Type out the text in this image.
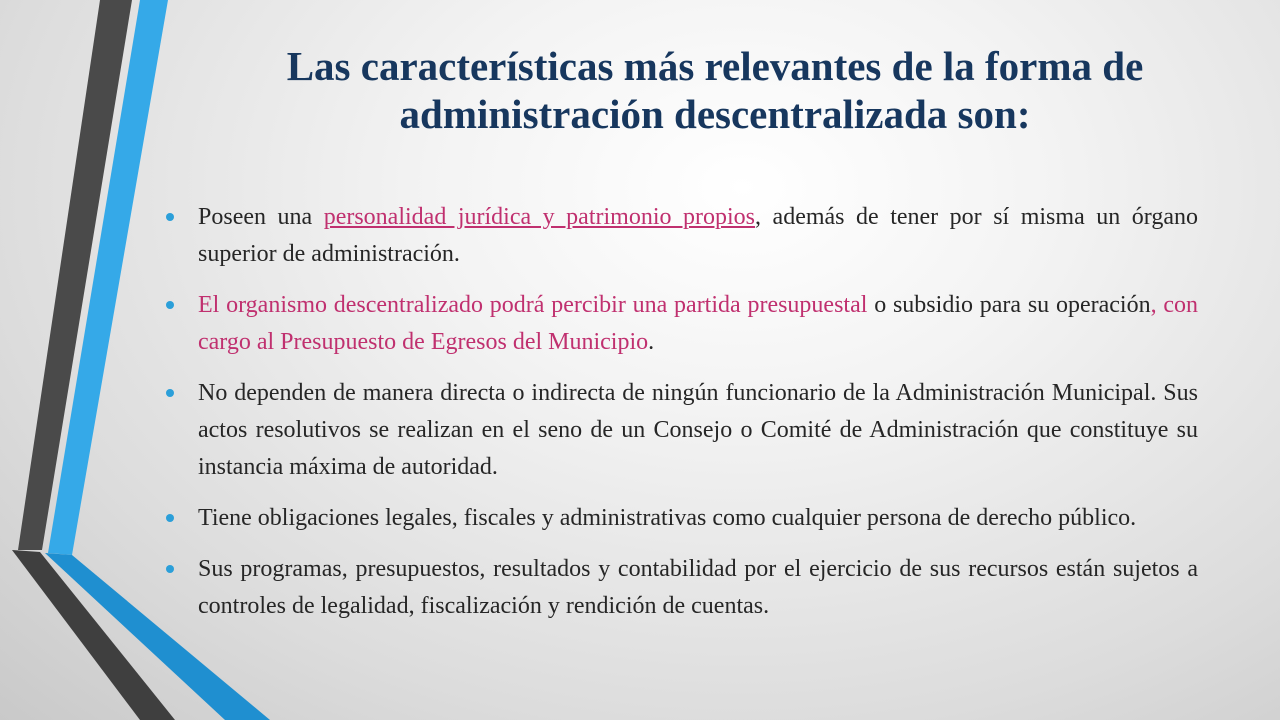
Las características más relevantes de la forma de
administración descentralizada son:
Poseen una personalidad jurídica y patrimonio propios, además de tener por sí misma un órgano superior de administración.
El organismo descentralizado podrá percibir una partida presupuestal o subsidio para su operación, con cargo al Presupuesto de Egresos del Municipio.
No dependen de manera directa o indirecta de ningún funcionario de la Administración Municipal. Sus actos resolutivos se realizan en el seno de un Consejo o Comité de Administración que constituye su instancia máxima de autoridad.
Tiene obligaciones legales, fiscales y administrativas como cualquier persona de derecho público.
Sus programas, presupuestos, resultados y contabilidad por el ejercicio de sus recursos están sujetos a controles de legalidad, fiscalización y rendición de cuentas.
